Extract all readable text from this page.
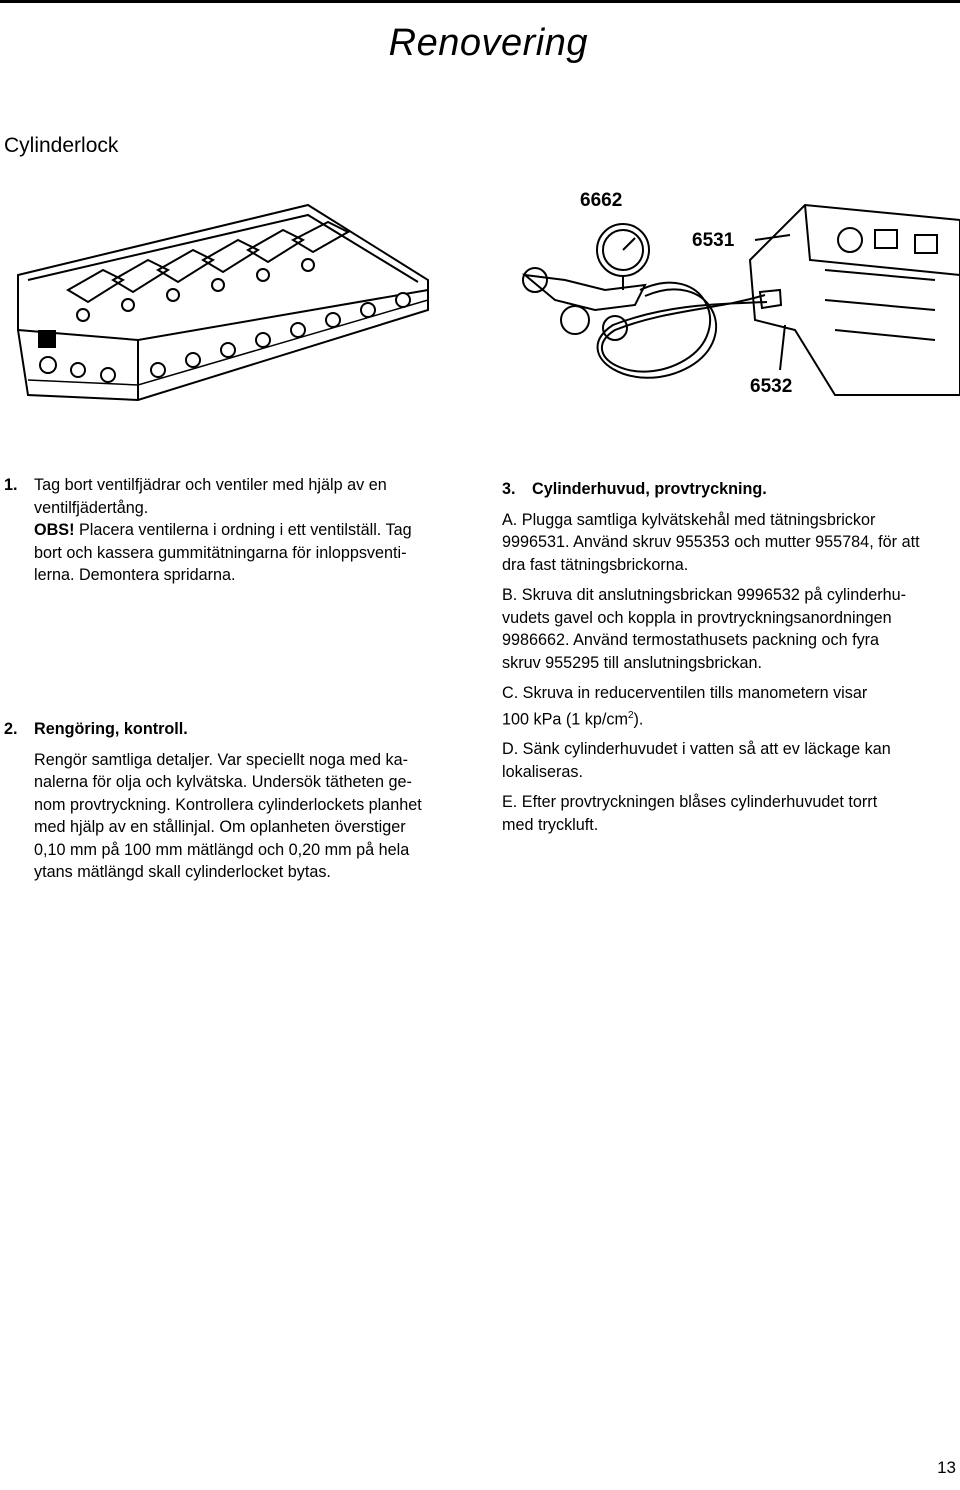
Renovering
Cylinderlock
6662
6531
6532

1. Tag bort ventilfjädrar och ventiler med hjälp av en

ventilfjädertång.

OBS! Placera ventilerna i ordning i ett ventilställ. Tag

bort och kassera gummitätningarna för inloppsventi-

lerna. Demontera spridarna.

2. Rengöring, kontroll.

Rengör samtliga detaljer. Var speciellt noga med ka-

nalerna för olja och kylvätska. Undersök tätheten ge-

nom provtryckning. Kontrollera cylinderlockets planhet

med hjälp av en stållinjal. Om oplanheten överstiger

0,10 mm på 100 mm mätlängd och 0,20 mm på hela

ytans mätlängd skall cylinderlocket bytas.

3. Cylinderhuvud, provtryckning.

A. Plugga samtliga kylvätskehål med tätningsbrickor

9996531. Använd skruv 955353 och mutter 955784, för att

dra fast tätningsbrickorna.

B. Skruva dit anslutningsbrickan 9996532 på cylinderhu-

vudets gavel och koppla in provtryckningsanordningen

9986662. Använd termostathusets packning och fyra

skruv 955295 till anslutningsbrickan.

C. Skruva in reducerventilen tills manometern visar

100 kPa (1 $kp/cm^2$).

D. Sänk cylinderhuvudet i vatten så att ev läckage kan

lokaliseras.

E. Efter provtryckningen blåses cylinderhuvudet torrt

med tryckluft.

13
